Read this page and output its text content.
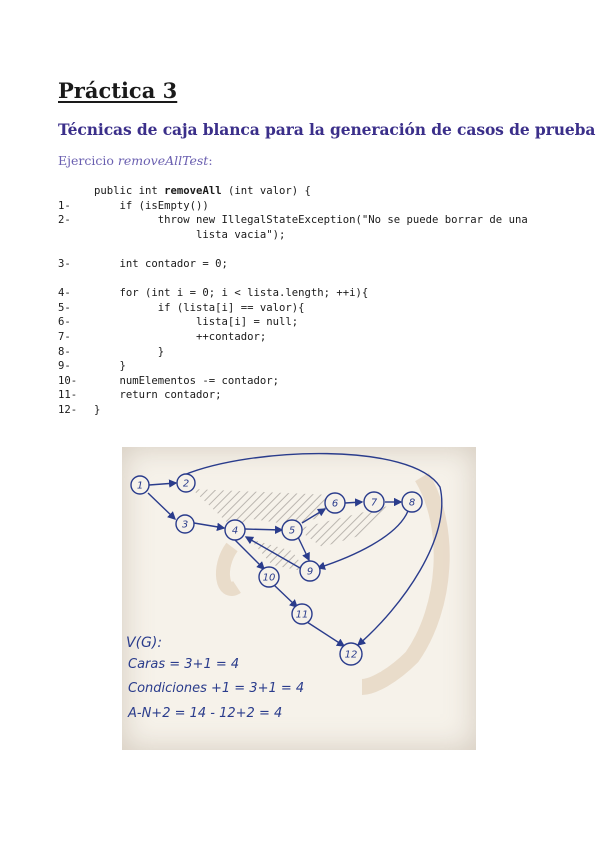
Práctica 3
Técnicas de caja blanca para la generación de casos de prueba

Ejercicio removeAllTest:

public int removeAll (int valor) {
1-    if (isEmpty())
2-          throw new IllegalStateException("No se puede borrar de una
lista vacia");
3-    int contador = 0;
4-    for (int i = 0; i < lista.length; ++i){
5-          if (lista[i] == valor){
6-                lista[i] = null;
7-                ++contador;
8-          }
9-    }
10-    numElementos -= contador;
11-    return contador;
12- }
1	2
3
4	5
6	7	8
9
10
11
12
V(G):
Caras = 3+1 = 4
Condiciones +1 = 3+1 = 4
A-N+2 = 14 - 12+2 = 4
